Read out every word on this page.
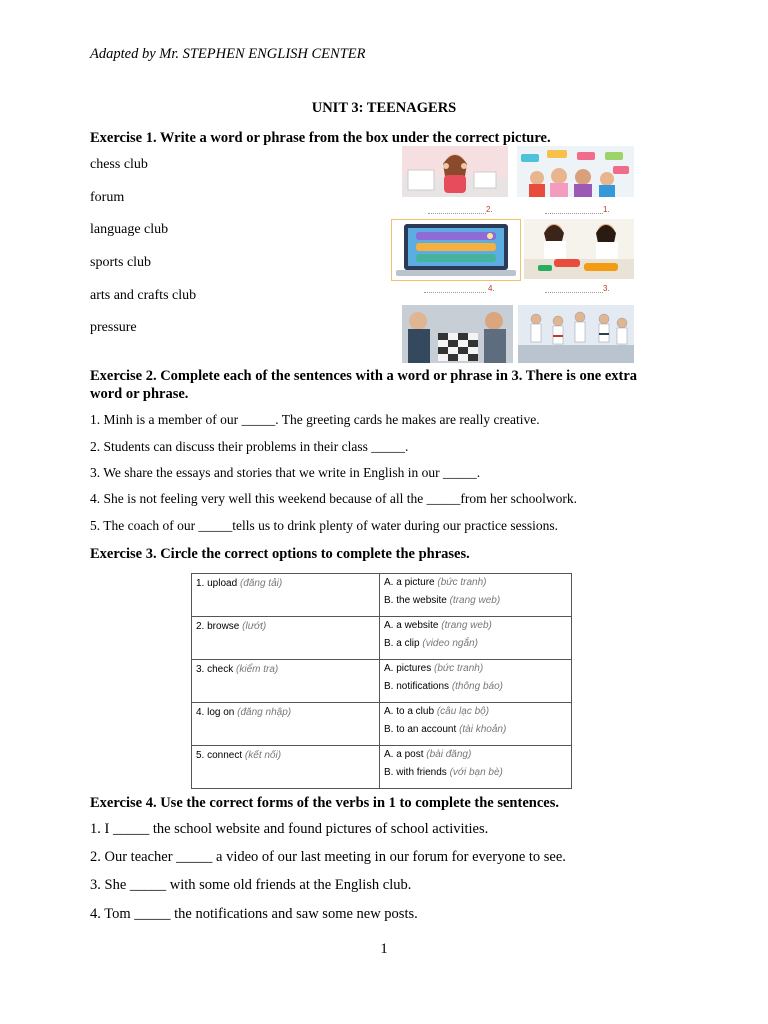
Adapted by Mr. STEPHEN ENGLISH CENTER
UNIT 3: TEENAGERS
Exercise 1. Write a word or phrase from the box under the correct picture.
chess club
forum
language club
sports club
arts and crafts club
pressure
2.	1.
4.	3.
Exercise 2. Complete each of the sentences with a word or phrase in 3. There is one extra
word or phrase.
1. Minh is a member of our _____. The greeting cards he makes are really creative.
2. Students can discuss their problems in their class _____.
3. We share the essays and stories that we write in English in our _____.
4. She is not feeling very well this weekend because of all the _____from her schoolwork.
5. The coach of our _____tells us to drink plenty of water during our practice sessions.
Exercise 3. Circle the correct options to complete the phrases.
1. upload (đăng tải)	A. a picture (bức tranh)
B. the website (trang web)

2. browse (lướt)	A. a website (trang web)
B. a clip (video ngắn)

3. check (kiểm tra)	A. pictures (bức tranh)
B. notifications (thông báo)

4. log on (đăng nhập)	A. to a club (câu lạc bộ)
B. to an account (tài khoản)

5. connect (kết nối)	A. a post (bài đăng)
B. with friends (với bạn bè)
Exercise 4. Use the correct forms of the verbs in 1 to complete the sentences.
1. I _____ the school website and found pictures of school activities.
2. Our teacher _____ a video of our last meeting in our forum for everyone to see.
3. She _____ with some old friends at the English club.
4. Tom _____ the notifications and saw some new posts.
1
